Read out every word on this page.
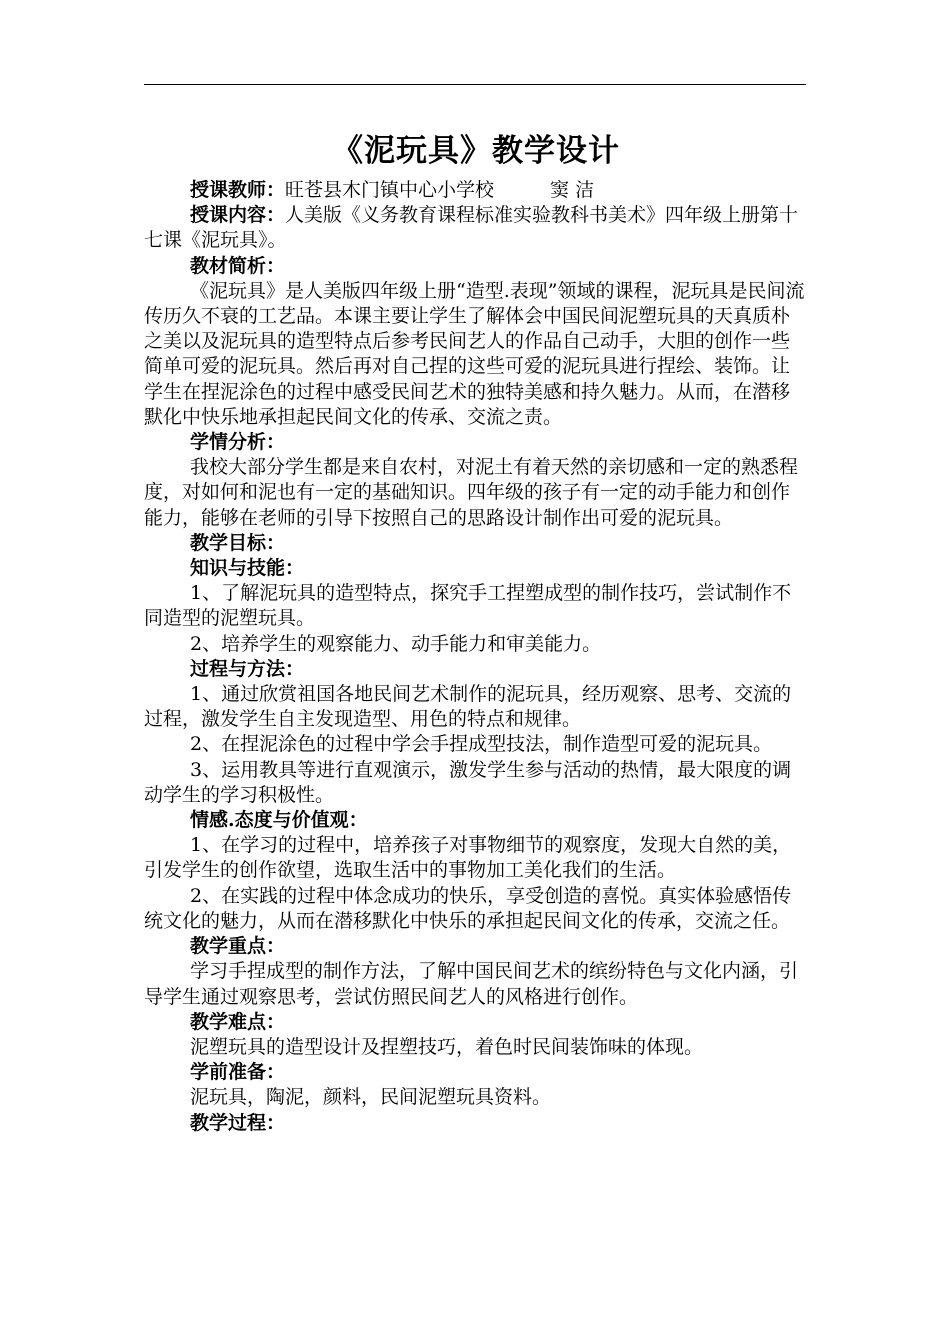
《泥玩具》教学设计

授课教师：旺苍县木门镇中心小学校	窦 洁

授课内容：人美版《义务教育课程标准实验教科书美术》四年级上册第十七课《泥玩具》。

教材简析：

《泥玩具》是人美版四年级上册“造型.表现”领域的课程，泥玩具是民间流传历久不衰的工艺品。本课主要让学生了解体会中国民间泥塑玩具的天真质朴之美以及泥玩具的造型特点后参考民间艺人的作品自己动手，大胆的创作一些简单可爱的泥玩具。然后再对自己捏的这些可爱的泥玩具进行捏绘、装饰。让学生在捏泥涂色的过程中感受民间艺术的独特美感和持久魅力。从而，在潜移默化中快乐地承担起民间文化的传承、交流之责。

学情分析：

我校大部分学生都是来自农村，对泥土有着天然的亲切感和一定的熟悉程度，对如何和泥也有一定的基础知识。四年级的孩子有一定的动手能力和创作能力，能够在老师的引导下按照自己的思路设计制作出可爱的泥玩具。

教学目标：

知识与技能：

1、了解泥玩具的造型特点，探究手工捏塑成型的制作技巧，尝试制作不同造型的泥塑玩具。

2、培养学生的观察能力、动手能力和审美能力。

过程与方法：

1、通过欣赏祖国各地民间艺术制作的泥玩具，经历观察、思考、交流的过程，激发学生自主发现造型、用色的特点和规律。

2、在捏泥涂色的过程中学会手捏成型技法，制作造型可爱的泥玩具。

3、运用教具等进行直观演示，激发学生参与活动的热情，最大限度的调动学生的学习积极性。

情感.态度与价值观：

1、在学习的过程中，培养孩子对事物细节的观察度，发现大自然的美，引发学生的创作欲望，选取生活中的事物加工美化我们的生活。

2、在实践的过程中体念成功的快乐，享受创造的喜悦。真实体验感悟传统文化的魅力，从而在潜移默化中快乐的承担起民间文化的传承，交流之任。

教学重点：

学习手捏成型的制作方法，了解中国民间艺术的缤纷特色与文化内涵，引导学生通过观察思考，尝试仿照民间艺人的风格进行创作。

教学难点：

泥塑玩具的造型设计及捏塑技巧，着色时民间装饰味的体现。

学前准备：

泥玩具，陶泥，颜料，民间泥塑玩具资料。

教学过程：
